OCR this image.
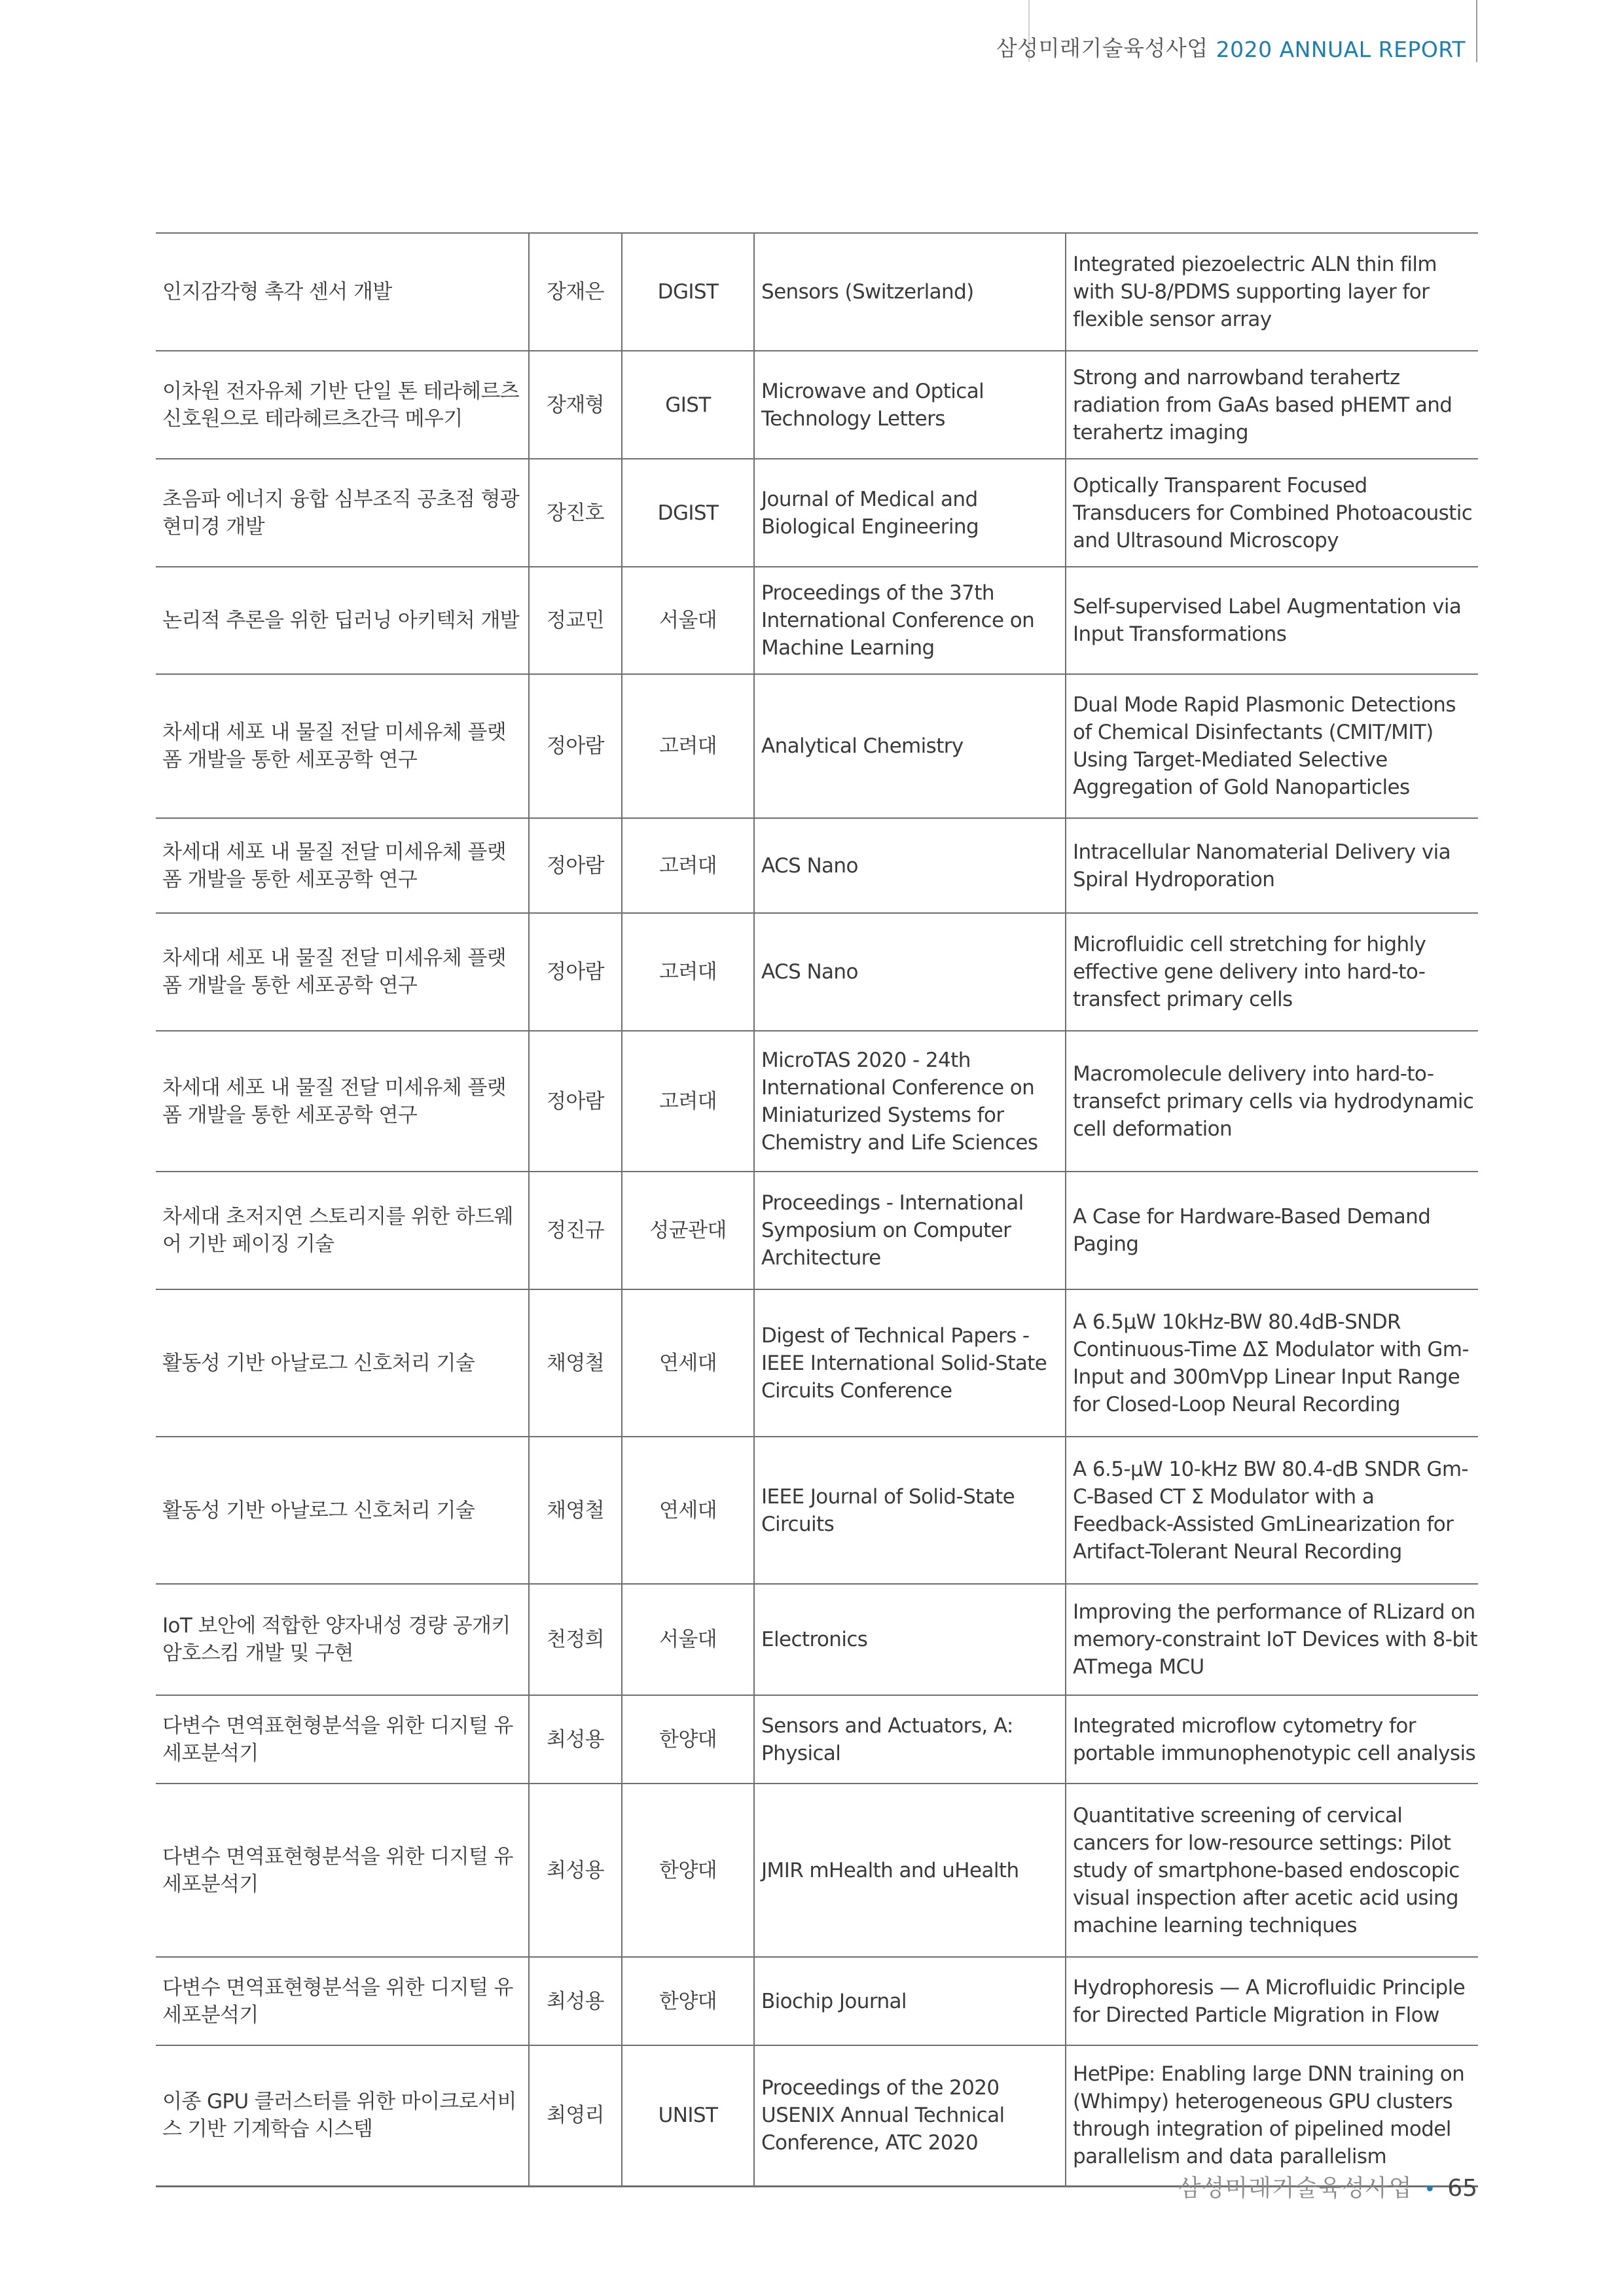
삼성미래기술육성사업 2020 ANNUAL REPORT
인지감각형 촉각 센서 개발	장재은	DGIST	Sensors (Switzerland)	Integrated piezoelectric ALN thin film with SU-8/PDMS supporting layer for flexible sensor array
이차원 전자유체 기반 단일 톤 테라헤르츠 신호원으로 테라헤르츠간극 메우기	장재형	GIST	Microwave and Optical Technology Letters	Strong and narrowband terahertz radiation from GaAs based pHEMT and terahertz imaging
초음파 에너지 융합 심부조직 공초점 형광 현미경 개발	장진호	DGIST	Journal of Medical and Biological Engineering	Optically Transparent Focused Transducers for Combined Photoacoustic and Ultrasound Microscopy
논리적 추론을 위한 딥러닝 아키텍처 개발	정교민	서울대	Proceedings of the 37th International Conference on Machine Learning	Self-supervised Label Augmentation via Input Transformations
차세대 세포 내 물질 전달 미세유체 플랫폼 개발을 통한 세포공학 연구	정아람	고려대	Analytical Chemistry	Dual Mode Rapid Plasmonic Detections of Chemical Disinfectants (CMIT/MIT) Using Target-Mediated Selective Aggregation of Gold Nanoparticles
차세대 세포 내 물질 전달 미세유체 플랫폼 개발을 통한 세포공학 연구	정아람	고려대	ACS Nano	Intracellular Nanomaterial Delivery via Spiral Hydroporation
차세대 세포 내 물질 전달 미세유체 플랫폼 개발을 통한 세포공학 연구	정아람	고려대	ACS Nano	Microfluidic cell stretching for highly effective gene delivery into hard-to-transfect primary cells
차세대 세포 내 물질 전달 미세유체 플랫폼 개발을 통한 세포공학 연구	정아람	고려대	MicroTAS 2020 - 24th International Conference on Miniaturized Systems for Chemistry and Life Sciences	Macromolecule delivery into hard-to-transefct primary cells via hydrodynamic cell deformation
차세대 초저지연 스토리지를 위한 하드웨어 기반 페이징 기술	정진규	성균관대	Proceedings - International Symposium on Computer Architecture	A Case for Hardware-Based Demand Paging
활동성 기반 아날로그 신호처리 기술	채영철	연세대	Digest of Technical Papers - IEEE International Solid-State Circuits Conference	A 6.5μW 10kHz-BW 80.4dB-SNDR Continuous-Time ΔΣ Modulator with Gm-Input and 300mVpp Linear Input Range for Closed-Loop Neural Recording
활동성 기반 아날로그 신호처리 기술	채영철	연세대	IEEE Journal of Solid-State Circuits	A 6.5-μW 10-kHz BW 80.4-dB SNDR Gm-C-Based CT Σ Modulator with a Feedback-Assisted GmLinearization for Artifact-Tolerant Neural Recording
IoT 보안에 적합한 양자내성 경량 공개키 암호스킴 개발 및 구현	천정희	서울대	Electronics	Improving the performance of RLizard on memory-constraint IoT Devices with 8-bit ATmega MCU
다변수 면역표현형분석을 위한 디지털 유세포분석기	최성용	한양대	Sensors and Actuators, A: Physical	Integrated microflow cytometry for portable immunophenotypic cell analysis
다변수 면역표현형분석을 위한 디지털 유세포분석기	최성용	한양대	JMIR mHealth and uHealth	Quantitative screening of cervical cancers for low-resource settings: Pilot study of smartphone-based endoscopic visual inspection after acetic acid using machine learning techniques
다변수 면역표현형분석을 위한 디지털 유세포분석기	최성용	한양대	Biochip Journal	Hydrophoresis — A Microfluidic Principle for Directed Particle Migration in Flow
이종 GPU 클러스터를 위한 마이크로서비스 기반 기계학습 시스템	최영리	UNIST	Proceedings of the 2020 USENIX Annual Technical Conference, ATC 2020	HetPipe: Enabling large DNN training on (Whimpy) heterogeneous GPU clusters through integration of pipelined model parallelism and data parallelism
삼성미래기술육성사업 • 65
